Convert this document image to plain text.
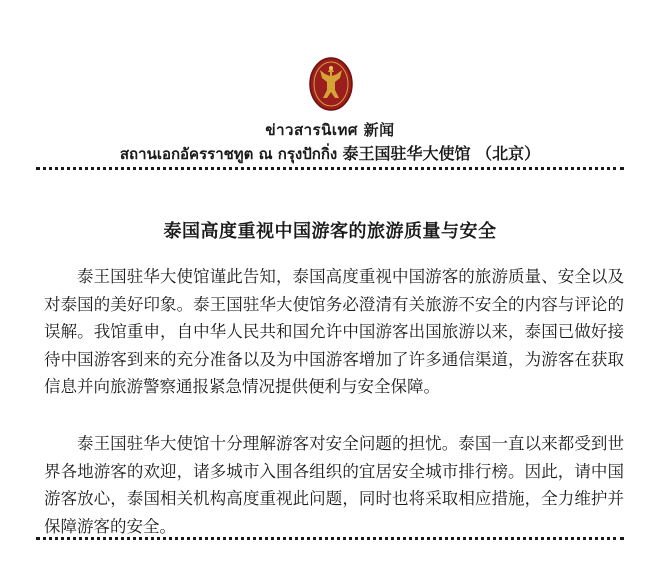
ข่าวสารนิเทศ 新闻
สถานเอกอัครราชทูต ณ กรุงปักกิ่ง 泰王国驻华大使馆 （北京）
泰国高度重视中国游客的旅游质量与安全

泰王国驻华大使馆谨此告知，泰国高度重视中国游客的旅游质量、安全以及对泰国的美好印象。泰王国驻华大使馆务必澄清有关旅游不安全的内容与评论的误解。我馆重申，自中华人民共和国允许中国游客出国旅游以来，泰国已做好接待中国游客到来的充分准备以及为中国游客增加了许多通信渠道，为游客在获取信息并向旅游警察通报紧急情况提供便利与安全保障。

泰王国驻华大使馆十分理解游客对安全问题的担忧。泰国一直以来都受到世界各地游客的欢迎，诸多城市入围各组织的宜居安全城市排行榜。因此，请中国游客放心，泰国相关机构高度重视此问题，同时也将采取相应措施，全力维护并保障游客的安全。
